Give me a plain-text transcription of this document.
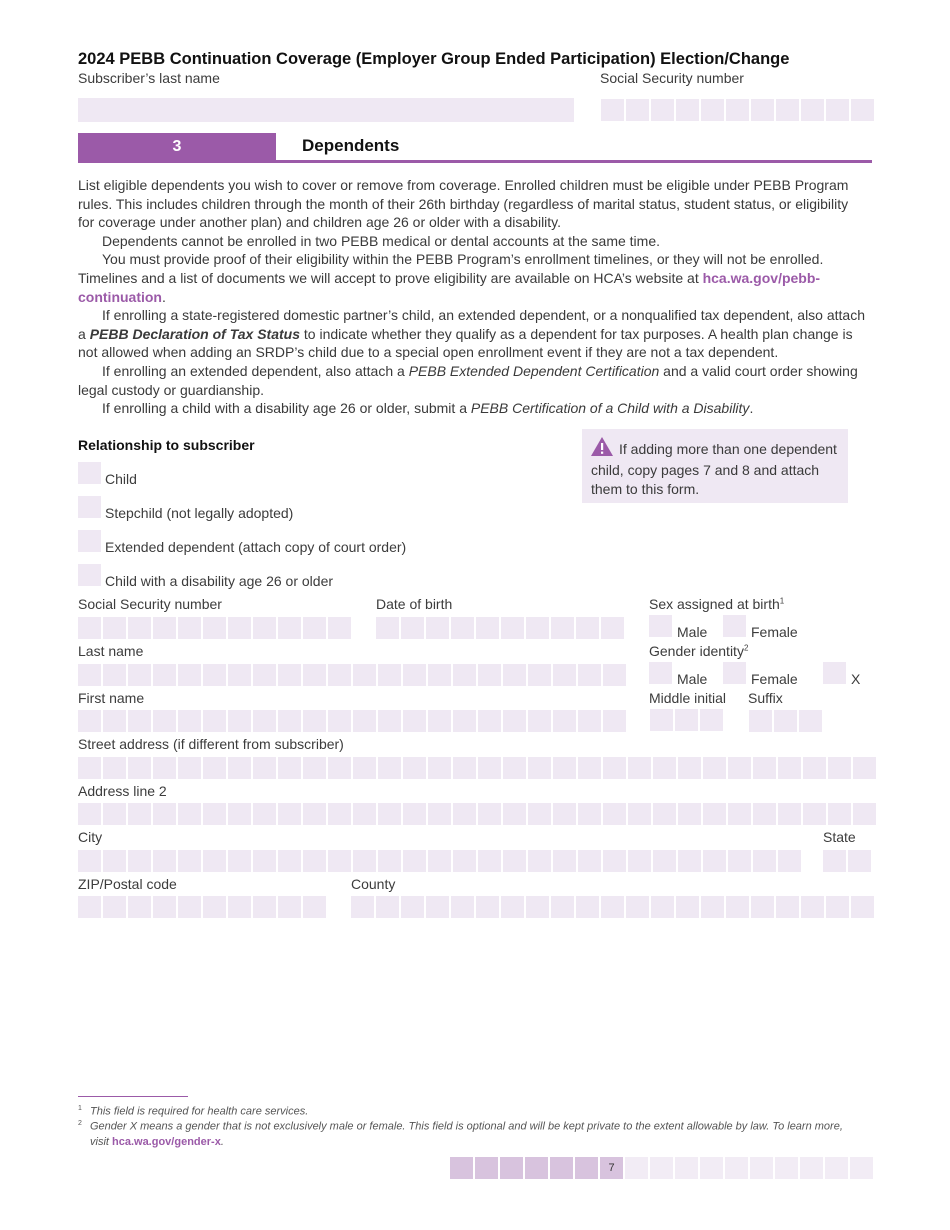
2024 PEBB Continuation Coverage (Employer Group Ended Participation) Election/Change
Subscriber’s last name	Social Security number
3	Dependents

List eligible dependents you wish to cover or remove from coverage. Enrolled children must be eligible under PEBB Program rules. This includes children through the month of their 26th birthday (regardless of marital status, student status, or eligibility for coverage under another plan) and children age 26 or older with a disability.

Dependents cannot be enrolled in two PEBB medical or dental accounts at the same time.

You must provide proof of their eligibility within the PEBB Program’s enrollment timelines, or they will not be enrolled. Timelines and a list of documents we will accept to prove eligibility are available on HCA’s website at hca.wa.gov/pebb-continuation.

If enrolling a state-registered domestic partner’s child, an extended dependent, or a nonqualified tax dependent, also attach a PEBB Declaration of Tax Status to indicate whether they qualify as a dependent for tax purposes. A health plan change is not allowed when adding an SRDP’s child due to a special open enrollment event if they are not a tax dependent.

If enrolling an extended dependent, also attach a PEBB Extended Dependent Certification and a valid court order showing legal custody or guardianship.

If enrolling a child with a disability age 26 or older, submit a PEBB Certification of a Child with a Disability.

If adding more than one dependent child, copy pages 7 and 8 and attach them to this form.
Relationship to subscriber
Child
Stepchild (not legally adopted)
Extended dependent (attach copy of court order)
Child with a disability age 26 or older
Social Security number	Date of birth	Sex assigned at birth$^1$
Male	Female
Last name	Gender identity$^2$
Male	Female	X
First name	Middle initial Suffix
Street address (if different from subscriber)
Address line 2
City	State
ZIP/Postal code	County
$^1$ This field is required for health care services.
$^2$ Gender X means a gender that is not exclusively male or female. This field is optional and will be kept private to the extent allowable by law. To learn more,
visit hca.wa.gov/gender-x.
7
